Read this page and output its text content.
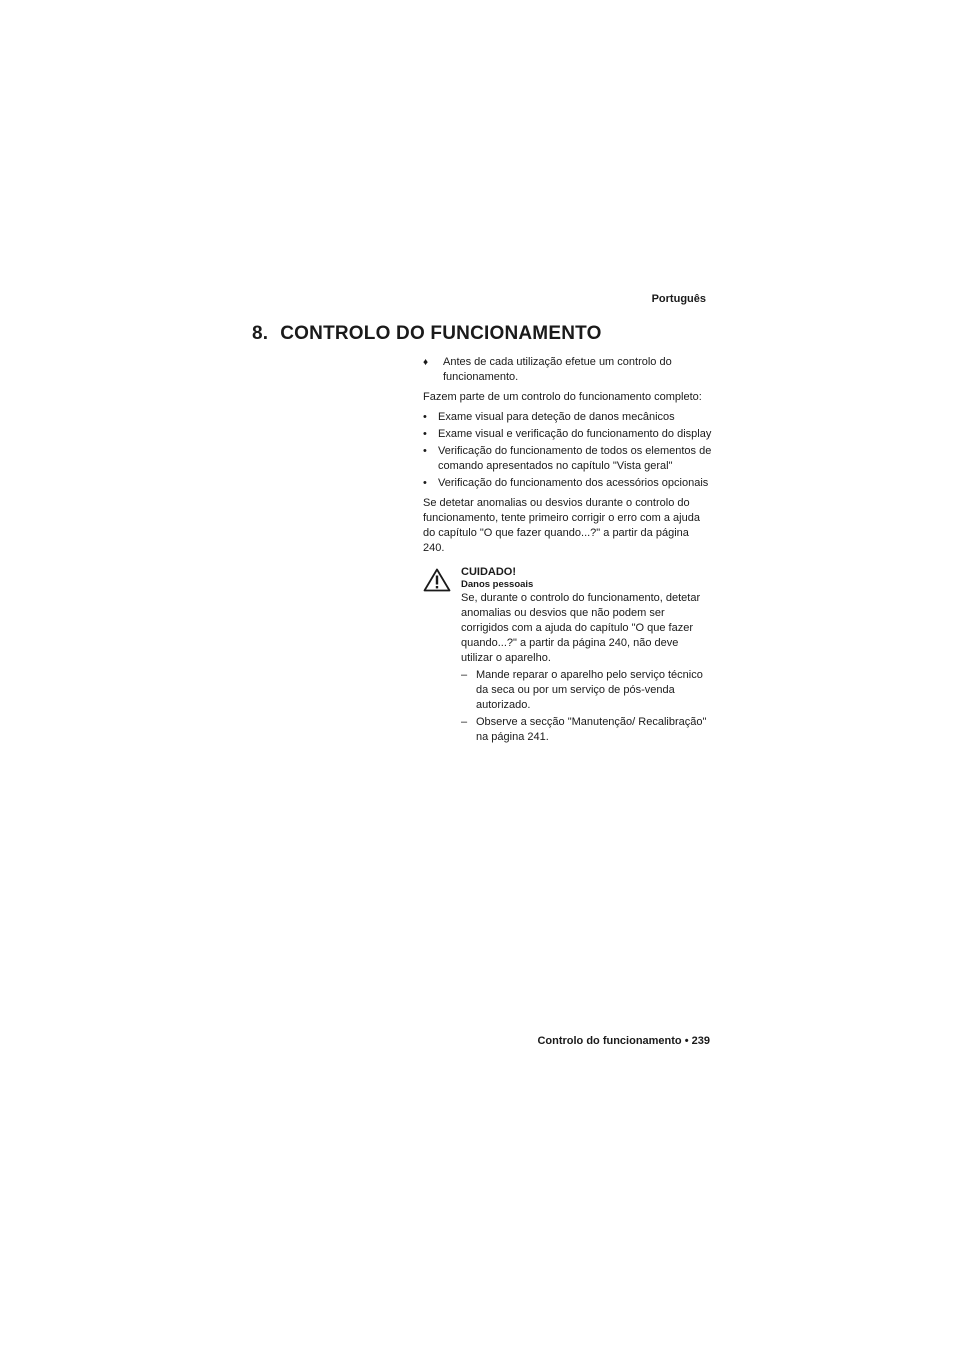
Português
8. CONTROLO DO FUNCIONAMENTO
♦	Antes de cada utilização efetue um controlo do funcionamento.

Fazem parte de um controlo do funcionamento completo:

•	Exame visual para deteção de danos mecânicos
•	Exame visual e verificação do funcionamento do display
•	Verificação do funcionamento de todos os elementos de comando apresentados no capítulo "Vista geral"
•	Verificação do funcionamento dos acessórios opcionais

Se detetar anomalias ou desvios durante o controlo do funcionamento, tente primeiro corrigir o erro com a ajuda do capítulo "O que fazer quando...?" a partir da página 240.

CUIDADO!
Danos pessoais

Se, durante o controlo do funcionamento, detetar anomalias ou desvios que não podem ser corrigidos com a ajuda do capítulo "O que fazer quando...?" a partir da página 240, não deve utilizar o aparelho.

– Mande reparar o aparelho pelo serviço técnico da seca ou por um serviço de pós-venda autorizado.
– Observe a secção "Manutenção/ Recalibração" na página 241.
Controlo do funcionamento • 239
